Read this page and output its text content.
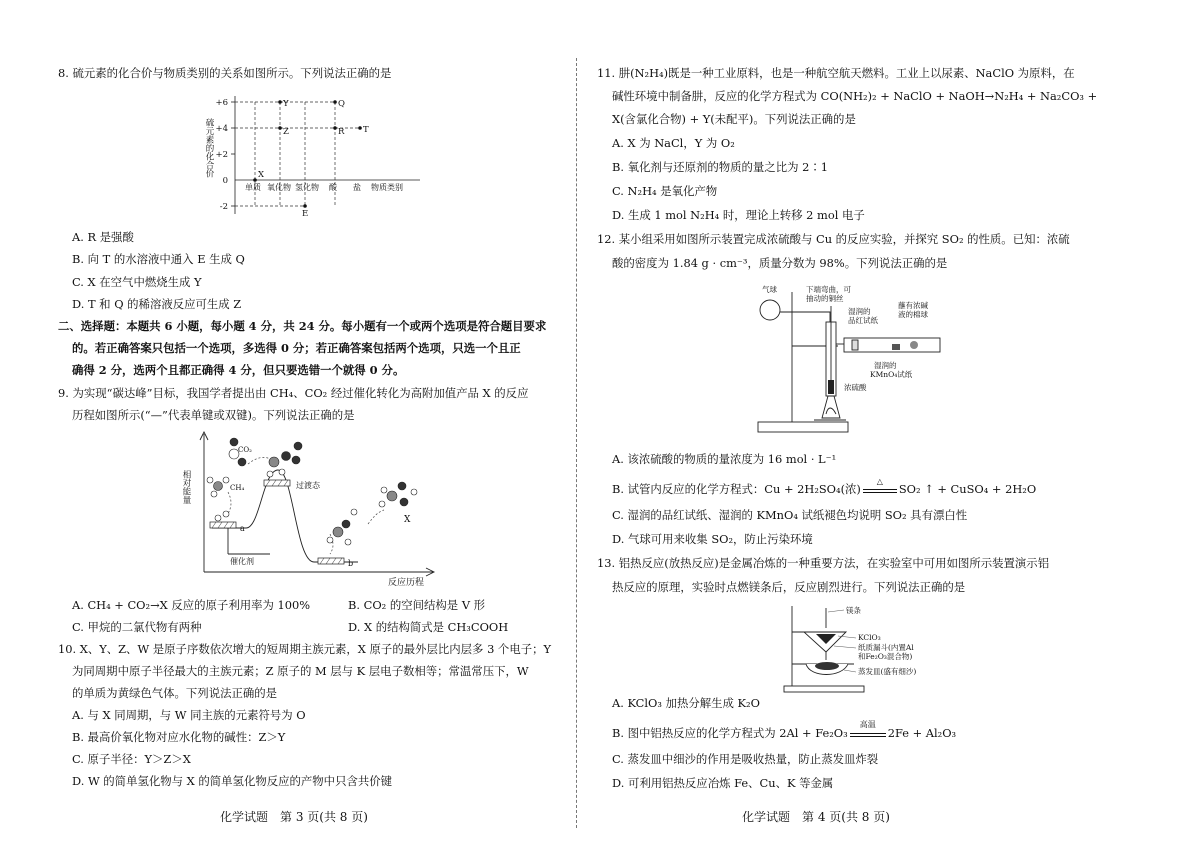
8. 硫元素的化合价与物质类别的关系如图所示。下列说法正确的是
+6
+4
+2
0
-2
X
Y
Z
E
Q
R T
单质 氧化物 氢化物 酸 盐 物质类别
硫元素的化合价
A. R 是强酸
B. 向 T 的水溶液中通入 E 生成 Q
C. X 在空气中燃烧生成 Y
D. T 和 Q 的稀溶液反应可生成 Z
二、选择题：本题共 6 小题，每小题 4 分，共 24 分。每小题有一个或两个选项是符合题目要求
的。若正确答案只包括一个选项，多选得 0 分；若正确答案包括两个选项，只选一个且正
确得 2 分，选两个且都正确得 4 分，但只要选错一个就得 0 分。
9. 为实现“碳达峰”目标，我国学者提出由 CH₄、CO₂ 经过催化转化为高附加值产品 X 的反应
历程如图所示(“—”代表单键或双键)。下列说法正确的是
相对能量
反应历程
CO₂
CH₄	过渡态
a
b
X
催化剂
A. CH₄ + CO₂→X 反应的原子利用率为 100%	B. CO₂ 的空间结构是 V 形
C. 甲烷的二氯代物有两种	D. X 的结构简式是 CH₃COOH
10. X、Y、Z、W 是原子序数依次增大的短周期主族元素，X 原子的最外层比内层多 3 个电子；Y
为同周期中原子半径最大的主族元素；Z 原子的 M 层与 K 层电子数相等；常温常压下，W
的单质为黄绿色气体。下列说法正确的是
A. 与 X 同周期，与 W 同主族的元素符号为 O
B. 最高价氧化物对应水化物的碱性：Z＞Y
C. 原子半径：Y＞Z＞X
D. W 的简单氢化物与 X 的简单氢化物反应的产物中只含共价键
化学试题　第 3 页(共 8 页)
11. 肼(N₂H₄)既是一种工业原料，也是一种航空航天燃料。工业上以尿素、NaClO 为原料，在
碱性环境中制备肼，反应的化学方程式为 CO(NH₂)₂ + NaClO + NaOH→N₂H₄ + Na₂CO₃ +
X(含氯化合物) + Y(未配平)。下列说法正确的是
A. X 为 NaCl，Y 为 O₂
B. 氧化剂与还原剂的物质的量之比为 2∶1
C. N₂H₄ 是氧化产物
D. 生成 1 mol N₂H₄ 时，理论上转移 2 mol 电子
12. 某小组采用如图所示装置完成浓硫酸与 Cu 的反应实验，并探究 SO₂ 的性质。已知：浓硫
酸的密度为 1.84 g · cm⁻³，质量分数为 98%。下列说法正确的是
气球	下端弯曲，可
抽动的铜丝
湿润的
品红试纸
蘸有浓碱
液的棉球
湿润的
KMnO₄试纸
浓硫酸
A. 该浓硫酸的物质的量浓度为 16 mol · L⁻¹
B. 试管内反应的化学方程式：Cu + 2H₂SO₄(浓)
△
SO₂ ↑ + CuSO₄ + 2H₂O
C. 湿润的品红试纸、湿润的 KMnO₄ 试纸褪色均说明 SO₂ 具有漂白性
D. 气球可用来收集 SO₂，防止污染环境
13. 铝热反应(放热反应)是金属冶炼的一种重要方法，在实验室中可用如图所示装置演示铝
热反应的原理，实验时点燃镁条后，反应剧烈进行。下列说法正确的是
镁条
KClO₃
纸质漏斗(内置Al
和Fe₂O₃混合物)
蒸发皿(盛有细沙)
A. KClO₃ 加热分解生成 K₂O
B. 图中铝热反应的化学方程式为 2Al + Fe₂O₃
高温
2Fe + Al₂O₃
C. 蒸发皿中细沙的作用是吸收热量，防止蒸发皿炸裂
D. 可利用铝热反应冶炼 Fe、Cu、K 等金属
化学试题　第 4 页(共 8 页)
